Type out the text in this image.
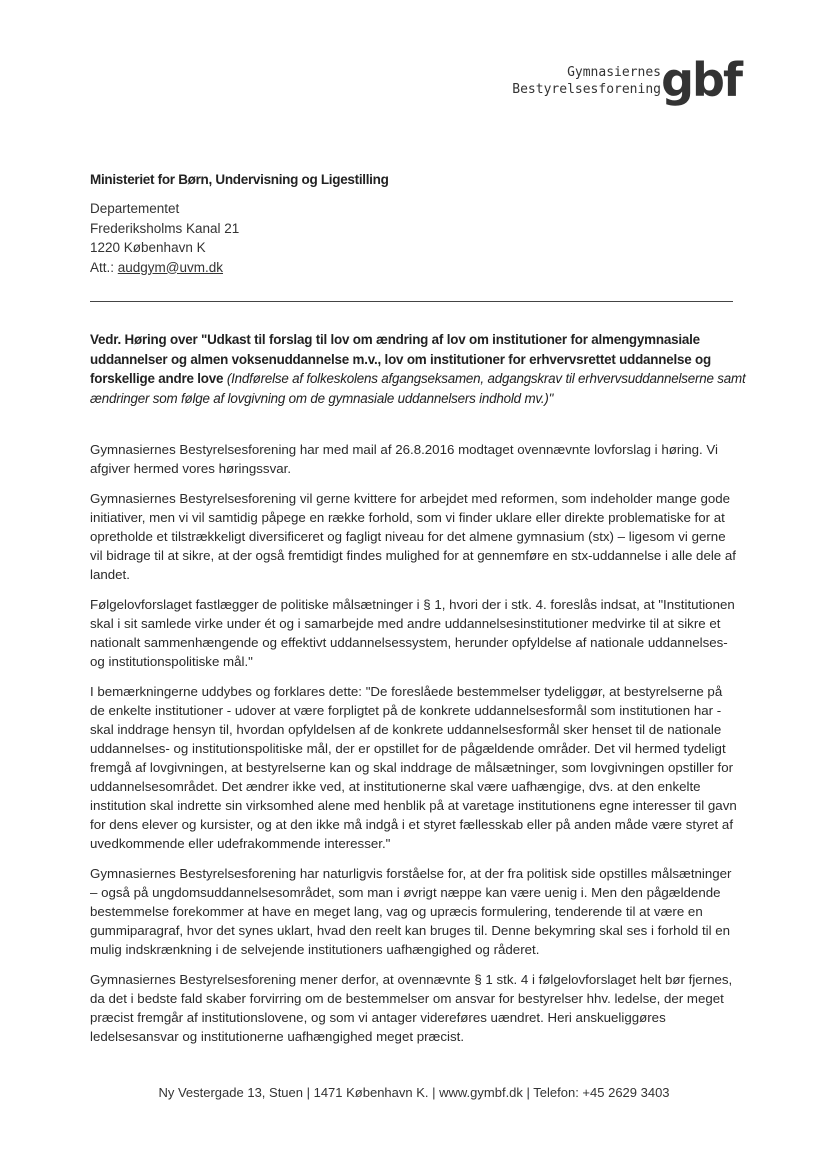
Gymnasiernes
Bestyrelsesforening gbf
Ministeriet for Børn, Undervisning og Ligestilling
Departementet
Frederiksholms Kanal 21
1220 København K
Att.: audgym@uvm.dk
Vedr. Høring over "Udkast til forslag til lov om ændring af lov om institutioner for almengymnasiale uddannelser og almen voksenuddannelse m.v., lov om institutioner for erhvervsrettet uddannelse og forskellige andre love (Indførelse af folkeskolens afgangseksamen, adgangskrav til erhvervsuddannelserne samt ændringer som følge af lovgivning om de gymnasiale uddannelsers indhold mv.)"

Gymnasiernes Bestyrelsesforening har med mail af 26.8.2016 modtaget ovennævnte lovforslag i høring. Vi afgiver hermed vores høringssvar.

Gymnasiernes Bestyrelsesforening vil gerne kvittere for arbejdet med reformen, som indeholder mange gode initiativer, men vi vil samtidig påpege en række forhold, som vi finder uklare eller direkte problematiske for at opretholde et tilstrækkeligt diversificeret og fagligt niveau for det almene gymnasium (stx) – ligesom vi gerne vil bidrage til at sikre, at der også fremtidigt findes mulighed for at gennemføre en stx-uddannelse i alle dele af landet.

Følgelovforslaget fastlægger de politiske målsætninger i § 1, hvori der i stk. 4. foreslås indsat, at "Institutionen skal i sit samlede virke under ét og i samarbejde med andre uddannelsesinstitutioner medvirke til at sikre et nationalt sammenhængende og effektivt uddannelsessystem, herunder opfyldelse af nationale uddannelses- og institutionspolitiske mål."

I bemærkningerne uddybes og forklares dette: "De foreslåede bestemmelser tydeliggør, at bestyrelserne på de enkelte institutioner - udover at være forpligtet på de konkrete uddannelsesformål som institutionen har - skal inddrage hensyn til, hvordan opfyldelsen af de konkrete uddannelsesformål sker henset til de nationale uddannelses- og institutionspolitiske mål, der er opstillet for de pågældende områder. Det vil hermed tydeligt fremgå af lovgivningen, at bestyrelserne kan og skal inddrage de målsætninger, som lovgivningen opstiller for uddannelsesområdet. Det ændrer ikke ved, at institutionerne skal være uafhængige, dvs. at den enkelte institution skal indrette sin virksomhed alene med henblik på at varetage institutionens egne interesser til gavn for dens elever og kursister, og at den ikke må indgå i et styret fællesskab eller på anden måde være styret af uvedkommende eller udefrakommende interesser."

Gymnasiernes Bestyrelsesforening har naturligvis forståelse for, at der fra politisk side opstilles målsætninger – også på ungdomsuddannelsesområdet, som man i øvrigt næppe kan være uenig i. Men den pågældende bestemmelse forekommer at have en meget lang, vag og upræcis formulering, tenderende til at være en gummiparagraf, hvor det synes uklart, hvad den reelt kan bruges til. Denne bekymring skal ses i forhold til en mulig indskrænkning i de selvejende institutioners uafhængighed og råderet.

Gymnasiernes Bestyrelsesforening mener derfor, at ovennævnte § 1 stk. 4 i følgelovforslaget helt bør fjernes, da det i bedste fald skaber forvirring om de bestemmelser om ansvar for bestyrelser hhv. ledelse, der meget præcist fremgår af institutionslovene, og som vi antager videreføres uændret. Heri anskueliggøres ledelsesansvar og institutionerne uafhængighed meget præcist.

Ny Vestergade 13, Stuen | 1471 København K. | www.gymbf.dk | Telefon: +45 2629 3403
